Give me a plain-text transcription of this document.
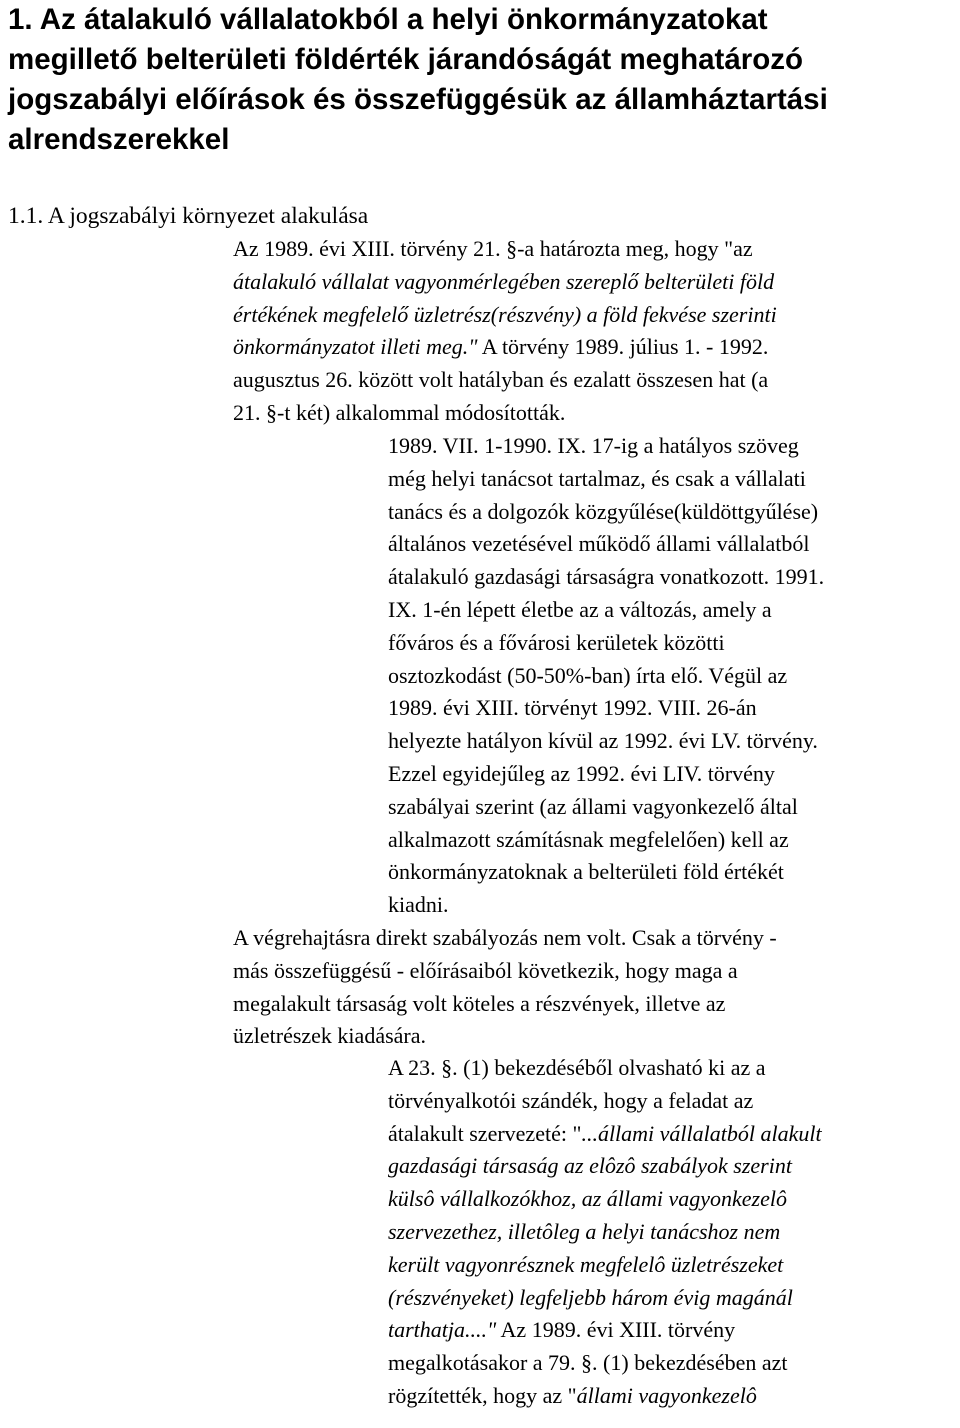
1. Az átalakuló vállalatokból a helyi önkormányzatokat
megillető belterületi földérték járandóságát meghatározó
jogszabályi előírások és összefüggésük az államháztartási
alrendszerekkel
1.1. A jogszabályi környezet alakulása
Az 1989. évi XIII. törvény 21. §-a határozta meg, hogy "az
átalakuló vállalat vagyonmérlegében szereplő belterületi föld
értékének megfelelő üzletrész(részvény) a föld fekvése szerinti
önkormányzatot illeti meg." A törvény 1989. július 1. - 1992.
augusztus 26. között volt hatályban és ezalatt összesen hat (a
21. §-t két) alkalommal módosították.
1989. VII. 1-1990. IX. 17-ig a hatályos szöveg
még helyi tanácsot tartalmaz, és csak a vállalati
tanács és a dolgozók közgyűlése(küldöttgyűlése)
általános vezetésével működő állami vállalatból
átalakuló gazdasági társaságra vonatkozott. 1991.
IX. 1-én lépett életbe az a változás, amely a
főváros és a fővárosi kerületek közötti
osztozkodást (50-50%-ban) írta elő. Végül az
1989. évi XIII. törvényt 1992. VIII. 26-án
helyezte hatályon kívül az 1992. évi LV. törvény.
Ezzel egyidejűleg az 1992. évi LIV. törvény
szabályai szerint (az állami vagyonkezelő által
alkalmazott számításnak megfelelően) kell az
önkormányzatoknak a belterületi föld értékét
kiadni.
A végrehajtásra direkt szabályozás nem volt. Csak a törvény -
más összefüggésű - előírásaiból következik, hogy maga a
megalakult társaság volt köteles a részvények, illetve az
üzletrészek kiadására.
A 23. §. (1) bekezdéséből olvasható ki az a
törvényalkotói szándék, hogy a feladat az
átalakult szervezeté: "...állami vállalatból alakult
gazdasági társaság az elôzô szabályok szerint
külsô vállalkozókhoz, az állami vagyonkezelô
szervezethez, illetôleg a helyi tanácshoz nem
került vagyonrésznek megfelelô üzletrészeket
(részvényeket) legfeljebb három évig magánál
tarthatja...." Az 1989. évi XIII. törvény
megalkotásakor a 79. §. (1) bekezdésében azt
rögzítették, hogy az "állami vagyonkezelô
